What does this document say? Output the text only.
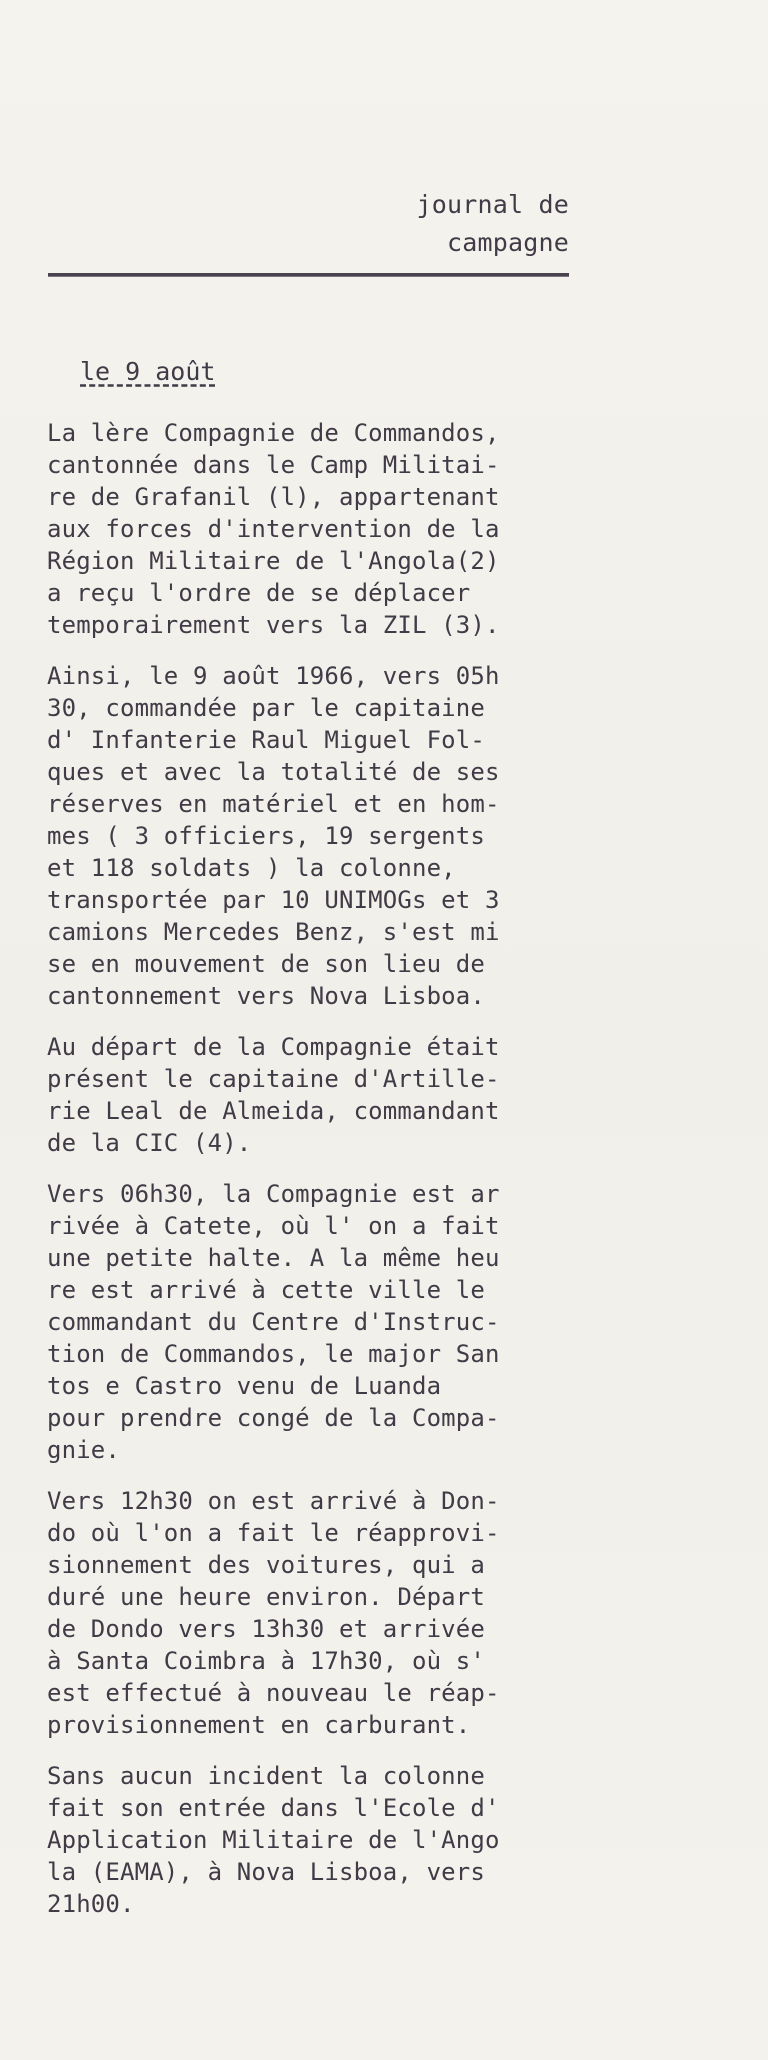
journal de
campagne
le 9 août

La lère Compagnie de Commandos,
cantonnée dans le Camp Militai-
re de Grafanil (l), appartenant
aux forces d'intervention de la
Région Militaire de l'Angola(2)
a reçu l'ordre de se déplacer
temporairement vers la ZIL (3).

Ainsi, le 9 août 1966, vers 05h
30, commandée par le capitaine
d' Infanterie Raul Miguel Fol-
ques et avec la totalité de ses
réserves en matériel et en hom-
mes ( 3 officiers, 19 sergents
et 118 soldats ) la colonne,
transportée par 10 UNIMOGs et 3
camions Mercedes Benz, s'est mi
se en mouvement de son lieu de
cantonnement vers Nova Lisboa.

Au départ de la Compagnie était
présent le capitaine d'Artille-
rie Leal de Almeida, commandant
de la CIC (4).

Vers 06h30, la Compagnie est ar
rivée à Catete, où l' on a fait
une petite halte. A la même heu
re est arrivé à cette ville le
commandant du Centre d'Instruc-
tion de Commandos, le major San
tos e Castro venu de Luanda
pour prendre congé de la Compa-
gnie.

Vers 12h30 on est arrivé à Don-
do où l'on a fait le réapprovi-
sionnement des voitures, qui a
duré une heure environ. Départ
de Dondo vers 13h30 et arrivée
à Santa Coimbra à 17h30, où s'
est effectué à nouveau le réap-
provisionnement en carburant.

Sans aucun incident la colonne
fait son entrée dans l'Ecole d'
Application Militaire de l'Ango
la (EAMA), à Nova Lisboa, vers
21h00.
